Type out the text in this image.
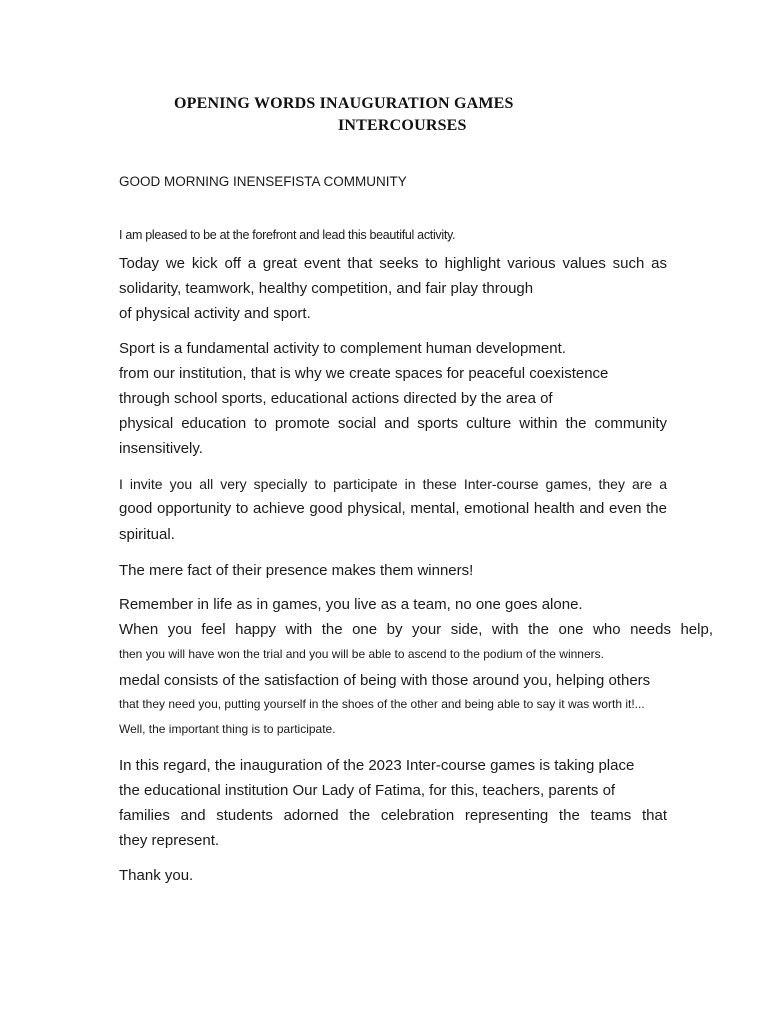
OPENING WORDS INAUGURATION GAMES
INTERCOURSES
GOOD MORNING INENSEFISTA COMMUNITY
I am pleased to be at the forefront and lead this beautiful activity.
Today we kick off a great event that seeks to highlight various values such as
solidarity, teamwork, healthy competition, and fair play through
of physical activity and sport.
Sport is a fundamental activity to complement human development.
from our institution, that is why we create spaces for peaceful coexistence
through school sports, educational actions directed by the area of
physical education to promote social and sports culture within the community
insensitively.
I invite you all very specially to participate in these Inter-course games, they are a
good opportunity to achieve good physical, mental, emotional health and even the
spiritual.
The mere fact of their presence makes them winners!
Remember in life as in games, you live as a team, no one goes alone.
When you feel happy with the one by your side, with the one who needs help,
then you will have won the trial and you will be able to ascend to the podium of the winners.
medal consists of the satisfaction of being with those around you, helping others
that they need you, putting yourself in the shoes of the other and being able to say it was worth it!...
Well, the important thing is to participate.
In this regard, the inauguration of the 2023 Inter-course games is taking place
the educational institution Our Lady of Fatima, for this, teachers, parents of
families and students adorned the celebration representing the teams that
they represent.
Thank you.
